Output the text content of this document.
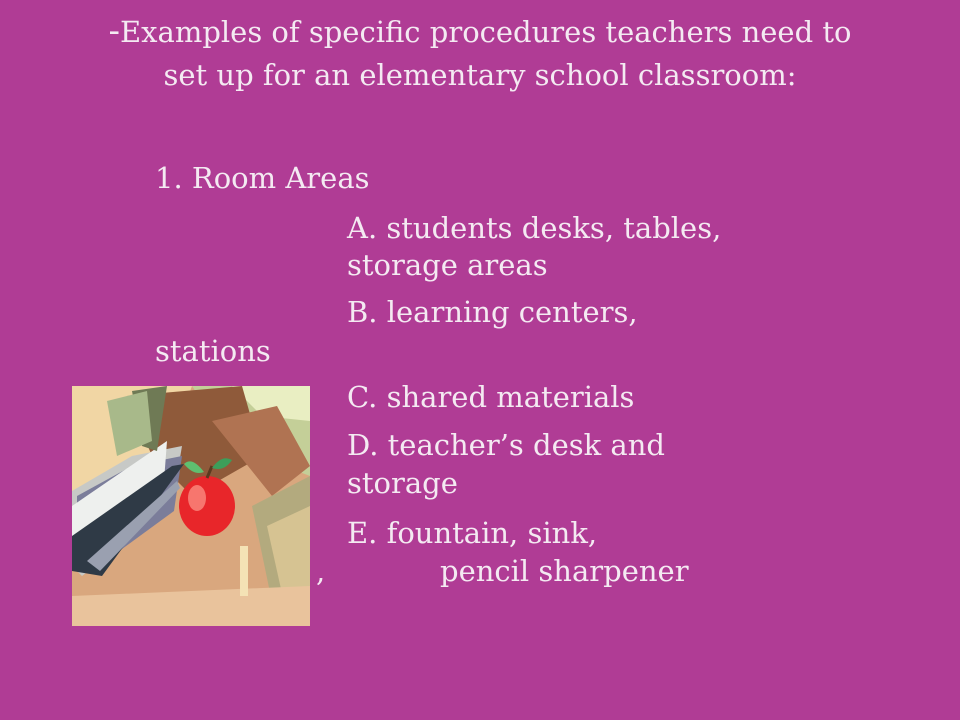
-Examples of specific procedures teachers need to set up for an elementary school classroom:
1. Room Areas
A. students desks, tables,
storage areas
B. learning centers,
stations
C. shared materials
D. teacher’s desk and
storage
E. fountain, sink,
,	pencil sharpener
